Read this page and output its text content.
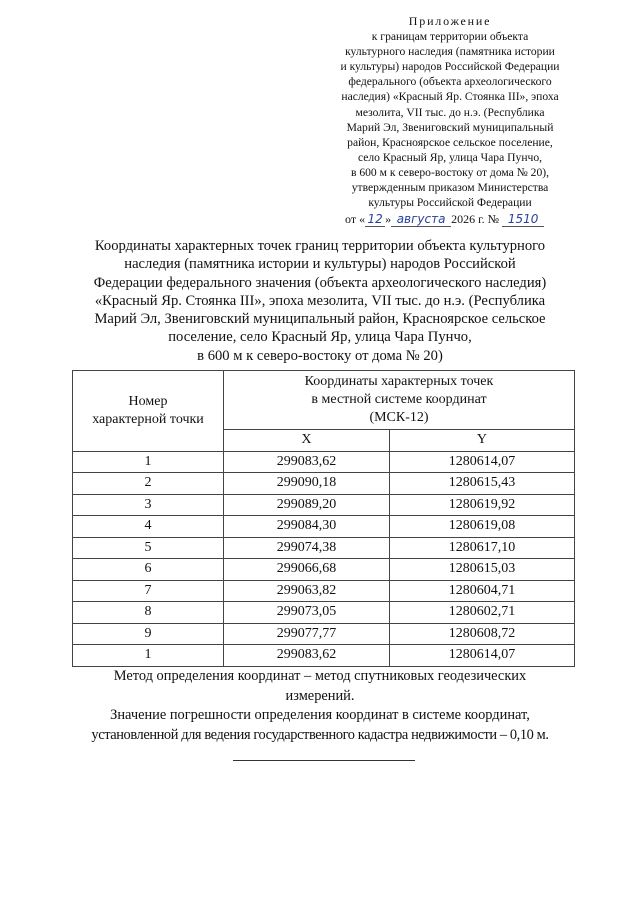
Приложение
к границам территории объекта
культурного наследия (памятника истории
и культуры) народов Российской Федерации
федерального (объекта археологического
наследия) «Красный Яр. Стоянка III», эпоха
мезолита, VII тыс. до н.э. (Республика
Марий Эл, Звениговский муниципальный
район, Красноярское сельское поселение,
село Красный Яр, улица Чара Пунчо,
в 600 м к северо-востоку от дома № 20),
утвержденным приказом Министерства
культуры Российской Федерации
от « 12 » августа 2026 г. № 1510
Координаты характерных точек границ территории объекта культурного
наследия (памятника истории и культуры) народов Российской
Федерации федерального значения (объекта археологического наследия)
«Красный Яр. Стоянка III», эпоха мезолита, VII тыс. до н.э. (Республика
Марий Эл, Звениговский муниципальный район, Красноярское сельское
поселение, село Красный Яр, улица Чара Пунчо,
в 600 м к северо-востоку от дома № 20)
Номер
характерной точки	Координаты характерных точек
в местной системе координат
(МСК-12)	

	X	Y
1	299083,62	1280614,07
2	299090,18	1280615,43
3	299089,20	1280619,92
4	299084,30	1280619,08
5	299074,38	1280617,10
6	299066,68	1280615,03
7	299063,82	1280604,71
8	299073,05	1280602,71
9	299077,77	1280608,72
1	299083,62	1280614,07
Метод определения координат – метод спутниковых геодезических
измерений.
Значение погрешности определения координат в системе координат,
установленной для ведения государственного кадастра недвижимости – 0,10 м.
